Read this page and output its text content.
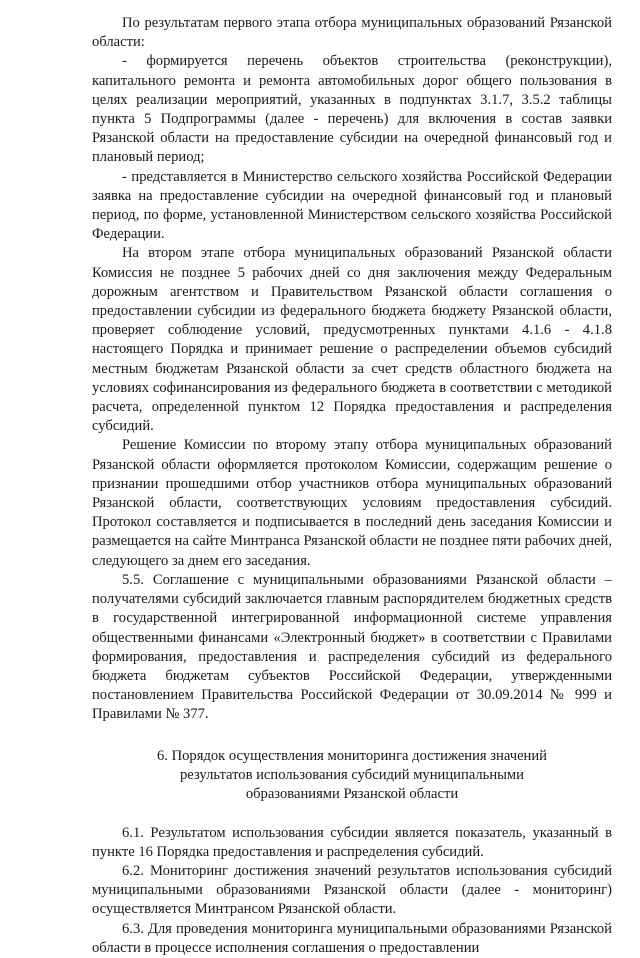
По результатам первого этапа отбора муниципальных образований Рязанской области:

- формируется перечень объектов строительства (реконструкции), капитального ремонта и ремонта автомобильных дорог общего пользования в целях реализации мероприятий, указанных в подпунктах 3.1.7, 3.5.2 таблицы пункта 5 Подпрограммы (далее - перечень) для включения в состав заявки Рязанской области на предоставление субсидии на очередной финансовый год и плановый период;

- представляется в Министерство сельского хозяйства Российской Федерации заявка на предоставление субсидии на очередной финансовый год и плановый период, по форме, установленной Министерством сельского хозяйства Российской Федерации.

На втором этапе отбора муниципальных образований Рязанской области Комиссия не позднее 5 рабочих дней со дня заключения между Федеральным дорожным агентством и Правительством Рязанской области соглашения о предоставлении субсидии из федерального бюджета бюджету Рязанской области, проверяет соблюдение условий, предусмотренных пунктами 4.1.6 - 4.1.8 настоящего Порядка и принимает решение о распределении объемов субсидий местным бюджетам Рязанской области за счет средств областного бюджета на условиях софинансирования из федерального бюджета в соответствии с методикой расчета, определенной пунктом 12 Порядка предоставления и распределения субсидий.

Решение Комиссии по второму этапу отбора муниципальных образований Рязанской области оформляется протоколом Комиссии, содержащим решение о признании прошедшими отбор участников отбора муниципальных образований Рязанской области, соответствующих условиям предоставления субсидий. Протокол составляется и подписывается в последний день заседания Комиссии и размещается на сайте Минтранса Рязанской области не позднее пяти рабочих дней, следующего за днем его заседания.

5.5. Соглашение с муниципальными образованиями Рязанской области – получателями субсидий заключается главным распорядителем бюджетных средств в государственной интегрированной информационной системе управления общественными финансами «Электронный бюджет» в соответствии с Правилами формирования, предоставления и распределения субсидий из федерального бюджета бюджетам субъектов Российской Федерации, утвержденными постановлением Правительства Российской Федерации от 30.09.2014 № 999 и Правилами № 377.

6. Порядок осуществления мониторинга достижения значений

результатов использования субсидий муниципальными

образованиями Рязанской области

6.1. Результатом использования субсидии является показатель, указанный в пункте 16 Порядка предоставления и распределения субсидий.

6.2. Мониторинг достижения значений результатов использования субсидий муниципальными образованиями Рязанской области (далее - мониторинг) осуществляется Минтрансом Рязанской области.

6.3. Для проведения мониторинга муниципальными образованиями Рязанской области в процессе исполнения соглашения о предоставлении
